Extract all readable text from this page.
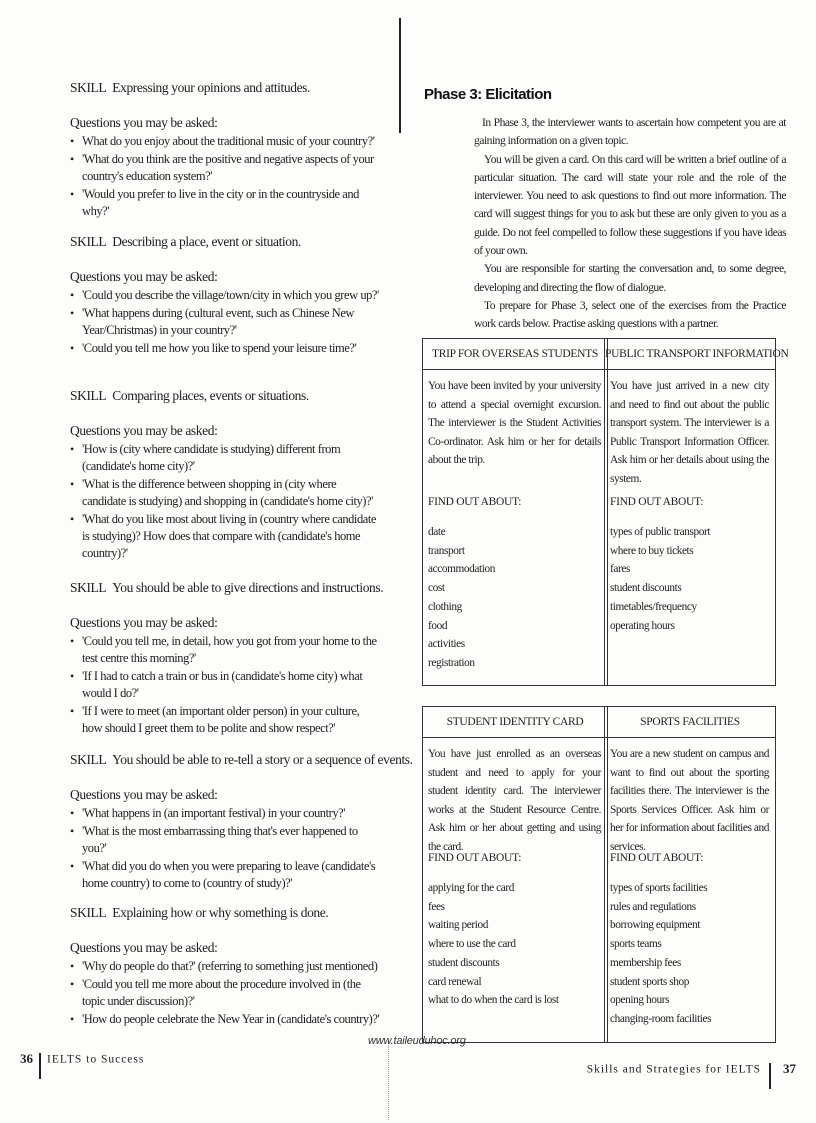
SKILL Expressing your opinions and attitudes.
Questions you may be asked:
• What do you enjoy about the traditional music of your country?'
• 'What do you think are the positive and negative aspects of your country's education system?'
• 'Would you prefer to live in the city or in the countryside and why?'
SKILL Describing a place, event or situation.
Questions you may be asked:
• 'Could you describe the village/town/city in which you grew up?'
• 'What happens during (cultural event, such as Chinese New Year/Christmas) in your country?'
• 'Could you tell me how you like to spend your leisure time?'
SKILL Comparing places, events or situations.
Questions you may be asked:
• 'How is (city where candidate is studying) different from (candidate's home city)?'
• 'What is the difference between shopping in (city where candidate is studying) and shopping in (candidate's home city)?'
• 'What do you like most about living in (country where candidate is studying)? How does that compare with (candidate's home country)?'
SKILL You should be able to give directions and instructions.
Questions you may be asked:
• 'Could you tell me, in detail, how you got from your home to the test centre this morning?'
• 'If I had to catch a train or bus in (candidate's home city) what would I do?'
• 'If I were to meet (an important older person) in your culture, how should I greet them to be polite and show respect?'
SKILL You should be able to re-tell a story or a sequence of events.
Questions you may be asked:
• 'What happens in (an important festival) in your country?'
• 'What is the most embarrassing thing that's ever happened to you?'
• 'What did you do when you were preparing to leave (candidate's home country) to come to (country of study)?'
SKILL Explaining how or why something is done.
Questions you may be asked:
• 'Why do people do that?' (referring to something just mentioned)
• 'Could you tell me more about the procedure involved in (the topic under discussion)?'
• 'How do people celebrate the New Year in (candidate's country)?'
36 IELTS to Success
Phase 3: Elicitation

In Phase 3, the interviewer wants to ascertain how competent you are at gaining information on a given topic.

You will be given a card. On this card will be written a brief outline of a particular situation. The card will state your role and the role of the interviewer. You need to ask questions to find out more information. The card will suggest things for you to ask but these are only given to you as a guide. Do not feel compelled to follow these suggestions if you have ideas of your own.

You are responsible for starting the conversation and, to some degree, developing and directing the flow of dialogue.

To prepare for Phase 3, select one of the exercises from the Practice work cards below. Practise asking questions with a partner.

TRIP FOR OVERSEAS STUDENTS
You have been invited by your university to attend a special overnight excursion. The interviewer is the Student Activities Co-ordinator. Ask him or her for details about the trip.
FIND OUT ABOUT:
date
transport
accommodation
cost
clothing
food
activities
registration
PUBLIC TRANSPORT INFORMATION
You have just arrived in a new city and need to find out about the public transport system. The interviewer is a Public Transport Information Officer. Ask him or her details about using the system.
FIND OUT ABOUT:
types of public transport
where to buy tickets
fares
student discounts
timetables/frequency
operating hours
STUDENT IDENTITY CARD
You have just enrolled as an overseas student and need to apply for your student identity card. The interviewer works at the Student Resource Centre. Ask him or her about getting and using the card.
FIND OUT ABOUT:
applying for the card
fees
waiting period
where to use the card
student discounts
card renewal
what to do when the card is lost
SPORTS FACILITIES
You are a new student on campus and want to find out about the sporting facilities there. The interviewer is the Sports Services Officer. Ask him or her for information about facilities and services.
FIND OUT ABOUT:
types of sports facilities
rules and regulations
borrowing equipment
sports teams
membership fees
student sports shop
opening hours
changing-room facilities
Skills and Strategies for IELTS 37
www.taileuduhoc.org
